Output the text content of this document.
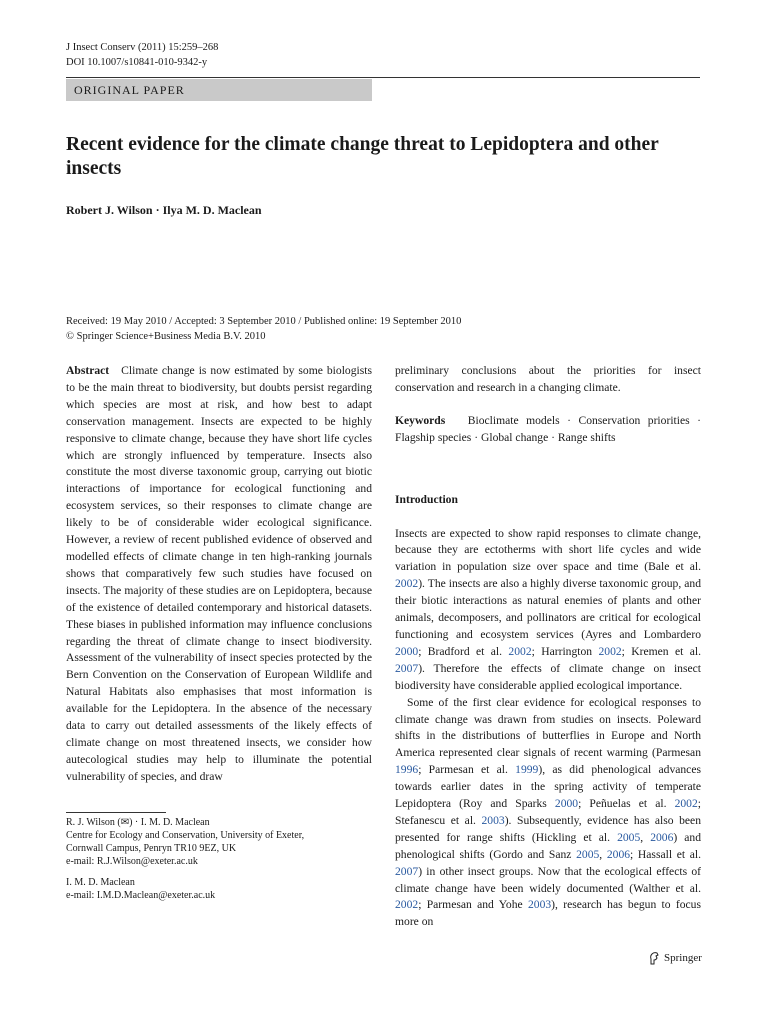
J Insect Conserv (2011) 15:259–268
DOI 10.1007/s10841-010-9342-y
ORIGINAL PAPER
Recent evidence for the climate change threat to Lepidoptera and other insects
Robert J. Wilson · Ilya M. D. Maclean
Received: 19 May 2010 / Accepted: 3 September 2010 / Published online: 19 September 2010
© Springer Science+Business Media B.V. 2010

Abstract Climate change is now estimated by some biologists to be the main threat to biodiversity, but doubts persist regarding which species are most at risk, and how best to adapt conservation management. Insects are expected to be highly responsive to climate change, because they have short life cycles which are strongly influenced by temperature. Insects also constitute the most diverse taxonomic group, carrying out biotic interactions of importance for ecological functioning and ecosystem services, so their responses to climate change are likely to be of considerable wider ecological significance. However, a review of recent published evidence of observed and modelled effects of climate change in ten high-ranking journals shows that comparatively few such studies have focused on insects. The majority of these studies are on Lepidoptera, because of the existence of detailed contemporary and historical datasets. These biases in published information may influence conclusions regarding the threat of climate change to insect biodiversity. Assessment of the vulnerability of insect species protected by the Bern Convention on the Conservation of European Wildlife and Natural Habitats also emphasises that most information is available for the Lepidoptera. In the absence of the necessary data to carry out detailed assessments of the likely effects of climate change on most threatened insects, we consider how autecological studies may help to illuminate the potential vulnerability of species, and draw

R. J. Wilson (✉) · I. M. D. Maclean

Centre for Ecology and Conservation, University of Exeter,

Cornwall Campus, Penryn TR10 9EZ, UK

e-mail: R.J.Wilson@exeter.ac.uk

I. M. D. Maclean

e-mail: I.M.D.Maclean@exeter.ac.uk

preliminary conclusions about the priorities for insect conservation and research in a changing climate.

Keywords Bioclimate models · Conservation priorities · Flagship species · Global change · Range shifts

Introduction

Insects are expected to show rapid responses to climate change, because they are ectotherms with short life cycles and wide variation in population size over space and time (Bale et al. 2002). The insects are also a highly diverse taxonomic group, and their biotic interactions as natural enemies of plants and other animals, decomposers, and pollinators are critical for ecological functioning and ecosystem services (Ayres and Lombardero 2000; Bradford et al. 2002; Harrington 2002; Kremen et al. 2007). Therefore the effects of climate change on insect biodiversity have considerable applied ecological importance.

Some of the first clear evidence for ecological responses to climate change was drawn from studies on insects. Poleward shifts in the distributions of butterflies in Europe and North America represented clear signals of recent warming (Parmesan 1996; Parmesan et al. 1999), as did phenological advances towards earlier dates in the spring activity of temperate Lepidoptera (Roy and Sparks 2000; Peñuelas et al. 2002; Stefanescu et al. 2003). Subsequently, evidence has also been presented for range shifts (Hickling et al. 2005, 2006) and phenological shifts (Gordo and Sanz 2005, 2006; Hassall et al. 2007) in other insect groups. Now that the ecological effects of climate change have been widely documented (Walther et al. 2002; Parmesan and Yohe 2003), research has begun to focus more on

Springer
